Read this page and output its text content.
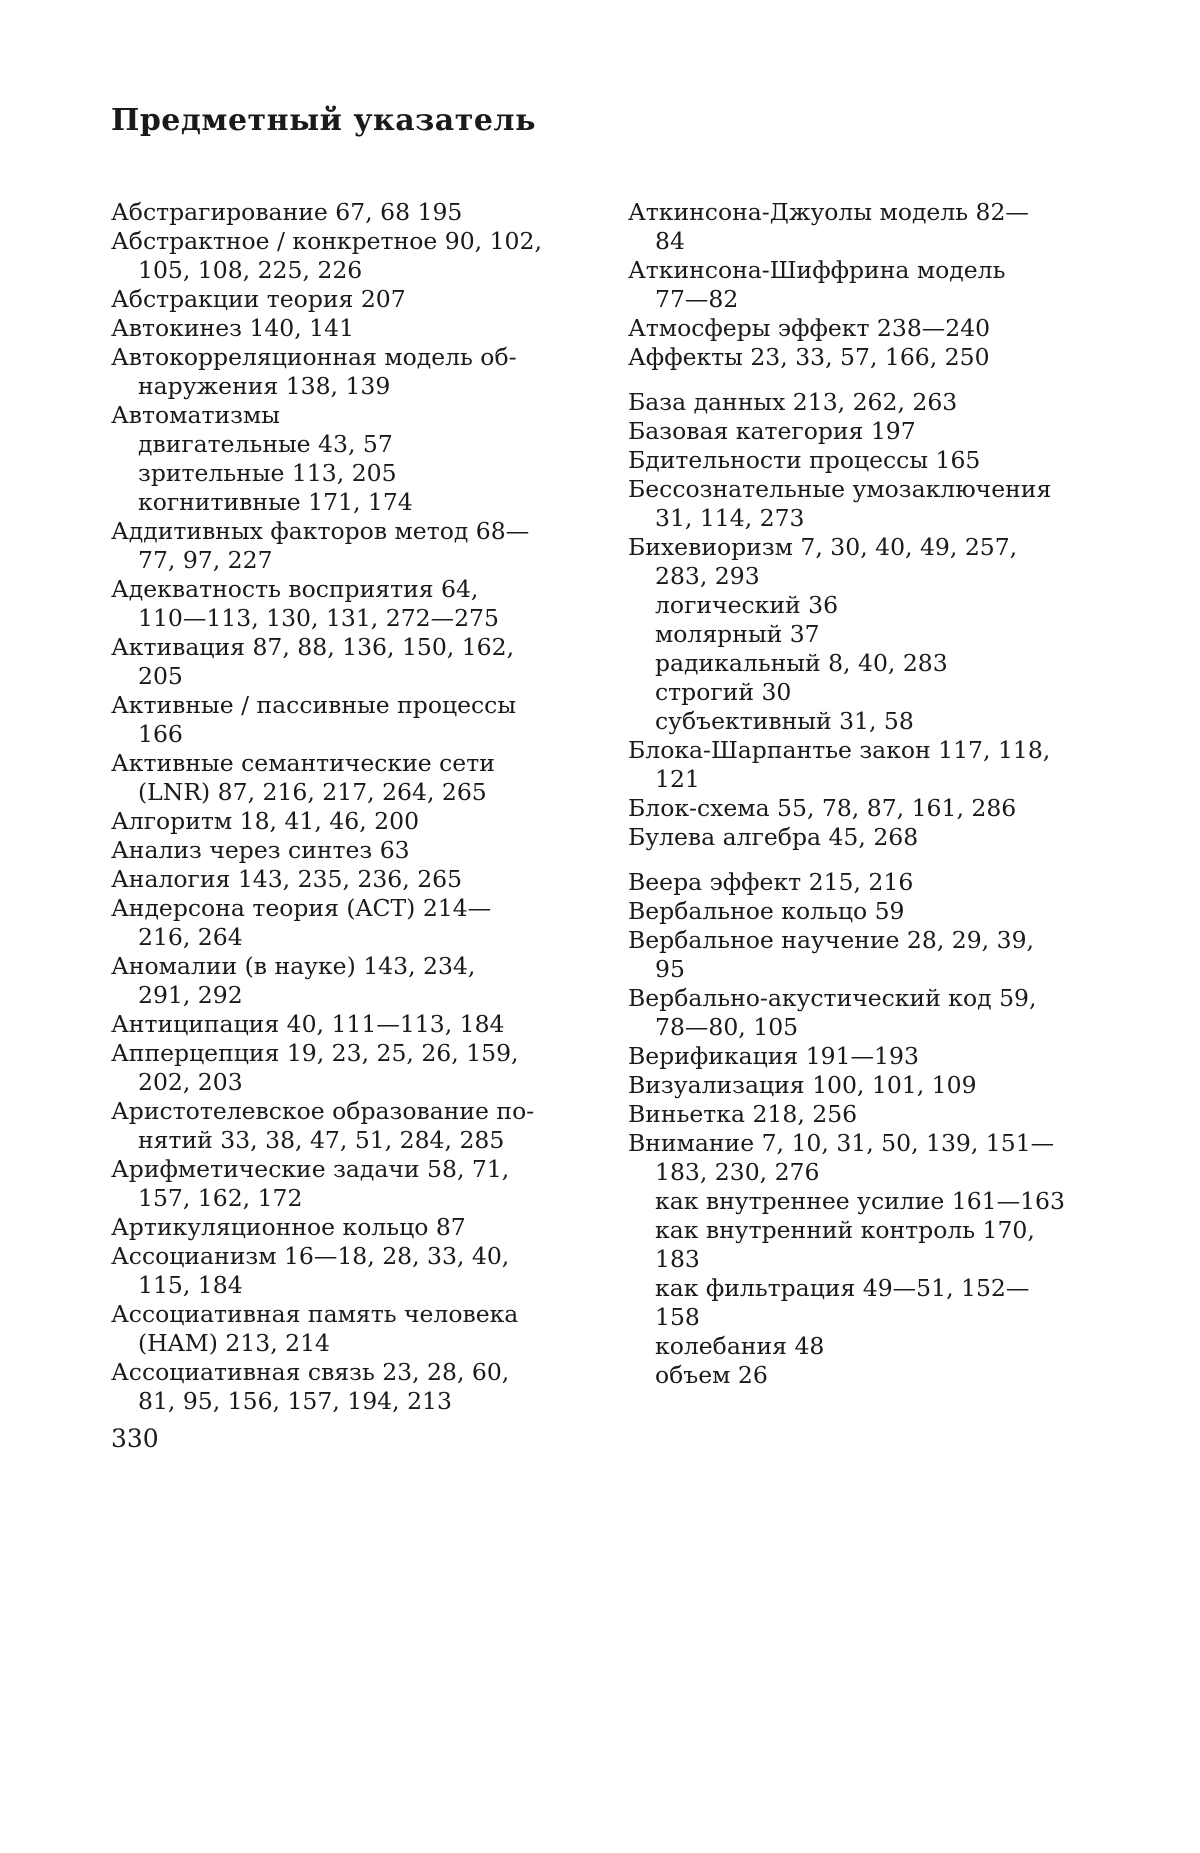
Предметный указатель
Абстрагирование 67, 68 195
Абстрактное / конкретное 90, 102,
105, 108, 225, 226
Абстракции теория 207
Автокинез 140, 141
Автокорреляционная модель об-
наружения 138, 139
Автоматизмы
двигательные 43, 57
зрительные 113, 205
когнитивные 171, 174
Аддитивных факторов метод 68—
77, 97, 227
Адекватность восприятия 64,
110—113, 130, 131, 272—275
Активация 87, 88, 136, 150, 162,
205
Активные / пассивные процессы
166
Активные семантические сети
(LNR) 87, 216, 217, 264, 265
Алгоритм 18, 41, 46, 200
Анализ через синтез 63
Аналогия 143, 235, 236, 265
Андерсона теория (ACT) 214—
216, 264
Аномалии (в науке) 143, 234,
291, 292
Антиципация 40, 111—113, 184
Апперцепция 19, 23, 25, 26, 159,
202, 203
Аристотелевское образование по-
нятий 33, 38, 47, 51, 284, 285
Арифметические задачи 58, 71,
157, 162, 172
Артикуляционное кольцо 87
Ассоцианизм 16—18, 28, 33, 40,
115, 184
Ассоциативная память человека
(HAM) 213, 214
Ассоциативная связь 23, 28, 60,
81, 95, 156, 157, 194, 213
Аткинсона-Джуолы модель 82—
84
Аткинсона-Шиффрина модель
77—82
Атмосферы эффект 238—240
Аффекты 23, 33, 57, 166, 250
База данных 213, 262, 263
Базовая категория 197
Бдительности процессы 165
Бессознательные умозаключения
31, 114, 273
Бихевиоризм 7, 30, 40, 49, 257,
283, 293
логический 36
молярный 37
радикальный 8, 40, 283
строгий 30
субъективный 31, 58
Блока-Шарпантье закон 117, 118,
121
Блок-схема 55, 78, 87, 161, 286
Булева алгебра 45, 268
Веера эффект 215, 216
Вербальное кольцо 59
Вербальное научение 28, 29, 39,
95
Вербально-акустический код 59,
78—80, 105
Верификация 191—193
Визуализация 100, 101, 109
Виньетка 218, 256
Внимание 7, 10, 31, 50, 139, 151—
183, 230, 276
как внутреннее усилие 161—163
как внутренний контроль 170,
183
как фильтрация 49—51, 152—
158
колебания 48
объем 26
330
